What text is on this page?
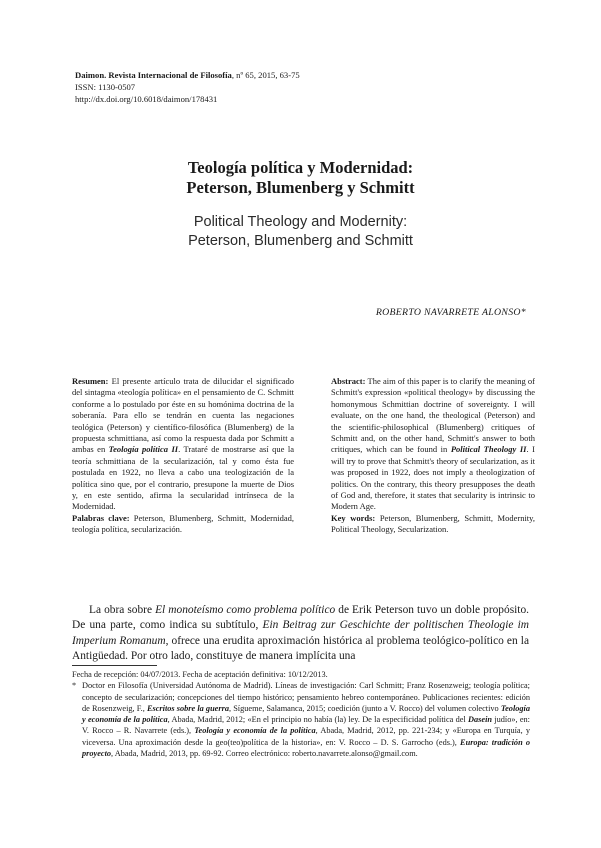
Daimon. Revista Internacional de Filosofía, nº 65, 2015, 63-75
ISSN: 1130-0507
http://dx.doi.org/10.6018/daimon/178431
Teología política y Modernidad:
Peterson, Blumenberg y Schmitt
Political Theology and Modernity:
Peterson, Blumenberg and Schmitt
ROBERTO NAVARRETE ALONSO*

Resumen: El presente artículo trata de dilucidar el significado del sintagma «teología política» en el pensamiento de C. Schmitt conforme a lo postulado por éste en su homónima doctrina de la soberanía. Para ello se tendrán en cuenta las negaciones teológica (Peterson) y científico-filosófica (Blumenberg) de la propuesta schmittiana, así como la respuesta dada por Schmitt a ambas en Teología política II. Trataré de mostrarse así que la teoría schmittiana de la secularización, tal y como ésta fue postulada en 1922, no lleva a cabo una teologización de la política sino que, por el contrario, presupone la muerte de Dios y, en este sentido, afirma la secularidad intrínseca de la Modernidad.

Palabras clave: Peterson, Blumenberg, Schmitt, Modernidad, teología política, secularización.

Abstract: The aim of this paper is to clarify the meaning of Schmitt's expression «political theology» by discussing the homonymous Schmittian doctrine of sovereignty. I will evaluate, on the one hand, the theological (Peterson) and the scientific-philosophical (Blumenberg) critiques of Schmitt and, on the other hand, Schmitt's answer to both critiques, which can be found in Political Theology II. I will try to prove that Schmitt's theory of secularization, as it was proposed in 1922, does not imply a theologization of politics. On the contrary, this theory presupposes the death of God and, therefore, it states that secularity is intrinsic to Modern Age.

Key words: Peterson, Blumenberg, Schmitt, Modernity, Political Theology, Secularization.

La obra sobre El monoteísmo como problema político de Erik Peterson tuvo un doble propósito. De una parte, como indica su subtítulo, Ein Beitrag zur Geschichte der politischen Theologie im Imperium Romanum, ofrece una erudita aproximación histórica al problema teológico-político en la Antigüedad. Por otro lado, constituye de manera implícita una

Fecha de recepción: 04/07/2013. Fecha de aceptación definitiva: 10/12/2013.

* Doctor en Filosofía (Universidad Autónoma de Madrid). Líneas de investigación: Carl Schmitt; Franz Rosenzweig; teología política; concepto de secularización; concepciones del tiempo histórico; pensamiento hebreo contemporáneo. Publicaciones recientes: edición de Rosenzweig, F., Escritos sobre la guerra, Sígueme, Salamanca, 2015; coedición (junto a V. Rocco) del volumen colectivo Teología y economía de la política, Abada, Madrid, 2012; «En el principio no había (la) ley. De la especificidad política del Dasein judío», en: V. Rocco – R. Navarrete (eds.), Teología y economía de la política, Abada, Madrid, 2012, pp. 221-234; y «Europa en Turquía, y viceversa. Una aproximación desde la geo(teo)política de la historia», en: V. Rocco – D. S. Garrocho (eds.), Europa: tradición o proyecto, Abada, Madrid, 2013, pp. 69-92. Correo electrónico: roberto.navarrete.alonso@gmail.com.
